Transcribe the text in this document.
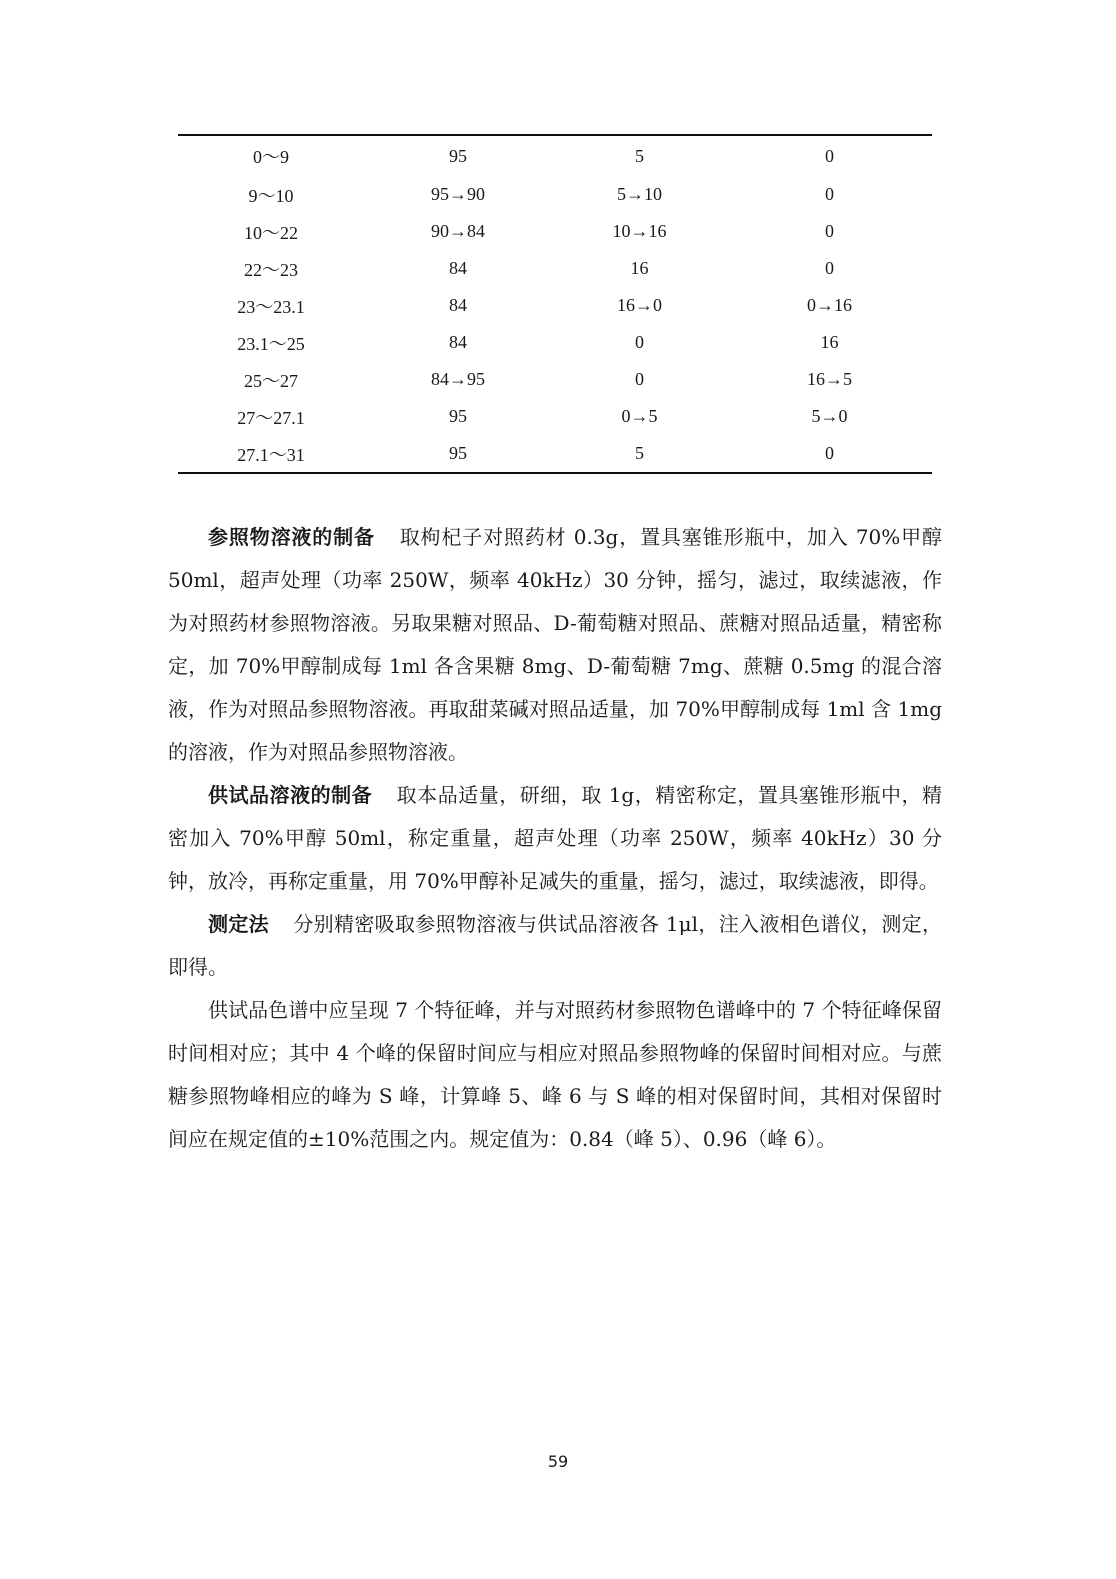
0～9	95	5	0
9～10	95→90	5→10	0
10～22	90→84	10→16	0
22～23	84	16	0
23～23.1	84	16→0	0→16
23.1～25	84	0	16
25～27	84→95	0	16→5
27～27.1	95	0→5	5→0
27.1～31	95	5	0

参照物溶液的制备 取枸杞子对照药材 0.3g，置具塞锥形瓶中，加入 70%甲醇 50ml，超声处理（功率 250W，频率 40kHz）30 分钟，摇匀，滤过，取续滤液，作为对照药材参照物溶液。另取果糖对照品、D-葡萄糖对照品、蔗糖对照品适量，精密称定，加 70%甲醇制成每 1ml 各含果糖 8mg、D-葡萄糖 7mg、蔗糖 0.5mg 的混合溶液，作为对照品参照物溶液。再取甜菜碱对照品适量，加 70%甲醇制成每 1ml 含 1mg 的溶液，作为对照品参照物溶液。

供试品溶液的制备 取本品适量，研细，取 1g，精密称定，置具塞锥形瓶中，精密加入 70%甲醇 50ml，称定重量，超声处理（功率 250W，频率 40kHz）30 分钟，放冷，再称定重量，用 70%甲醇补足减失的重量，摇匀，滤过，取续滤液，即得。

测定法 分别精密吸取参照物溶液与供试品溶液各 1μl，注入液相色谱仪，测定，即得。

供试品色谱中应呈现 7 个特征峰，并与对照药材参照物色谱峰中的 7 个特征峰保留时间相对应；其中 4 个峰的保留时间应与相应对照品参照物峰的保留时间相对应。与蔗糖参照物峰相应的峰为 S 峰，计算峰 5、峰 6 与 S 峰的相对保留时间，其相对保留时间应在规定值的±10%范围之内。规定值为：0.84（峰 5）、0.96（峰 6）。

59
